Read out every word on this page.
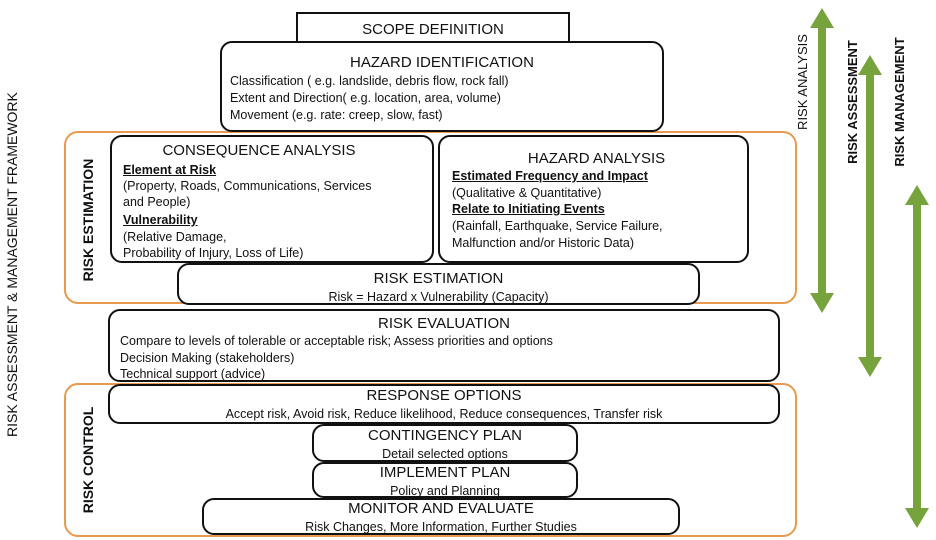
RISK ASSESSMENT & MANAGEMENT FRAMEWORK	RISK ESTIMATION
RISK CONTROL
SCOPE DEFINITION
HAZARD IDENTIFICATION
Classification ( e.g. landslide, debris flow, rock fall)
Extent and Direction( e.g. location, area, volume)
Movement (e.g. rate: creep, slow, fast)
CONSEQUENCE ANALYSIS
Element at Risk
(Property, Roads, Communications, Services
and People)
Vulnerability
(Relative Damage,
Probability of Injury, Loss of Life)
HAZARD ANALYSIS
Estimated Frequency and Impact
(Qualitative & Quantitative)
Relate to Initiating Events
(Rainfall, Earthquake, Service Failure,
Malfunction and/or Historic Data)
RISK ESTIMATION
Risk = Hazard x Vulnerability (Capacity)
RISK EVALUATION
Compare to levels of tolerable or acceptable risk; Assess priorities and options
Decision Making (stakeholders)
Technical support (advice)
RESPONSE OPTIONS
Accept risk, Avoid risk, Reduce likelihood, Reduce consequences, Transfer risk
CONTINGENCY PLAN
Detail selected options
IMPLEMENT PLAN
Policy and Planning
MONITOR AND EVALUATE
Risk Changes, More Information, Further Studies
RISK ANALYSIS	RISK ASSESSMENT RISK MANAGEMENT
